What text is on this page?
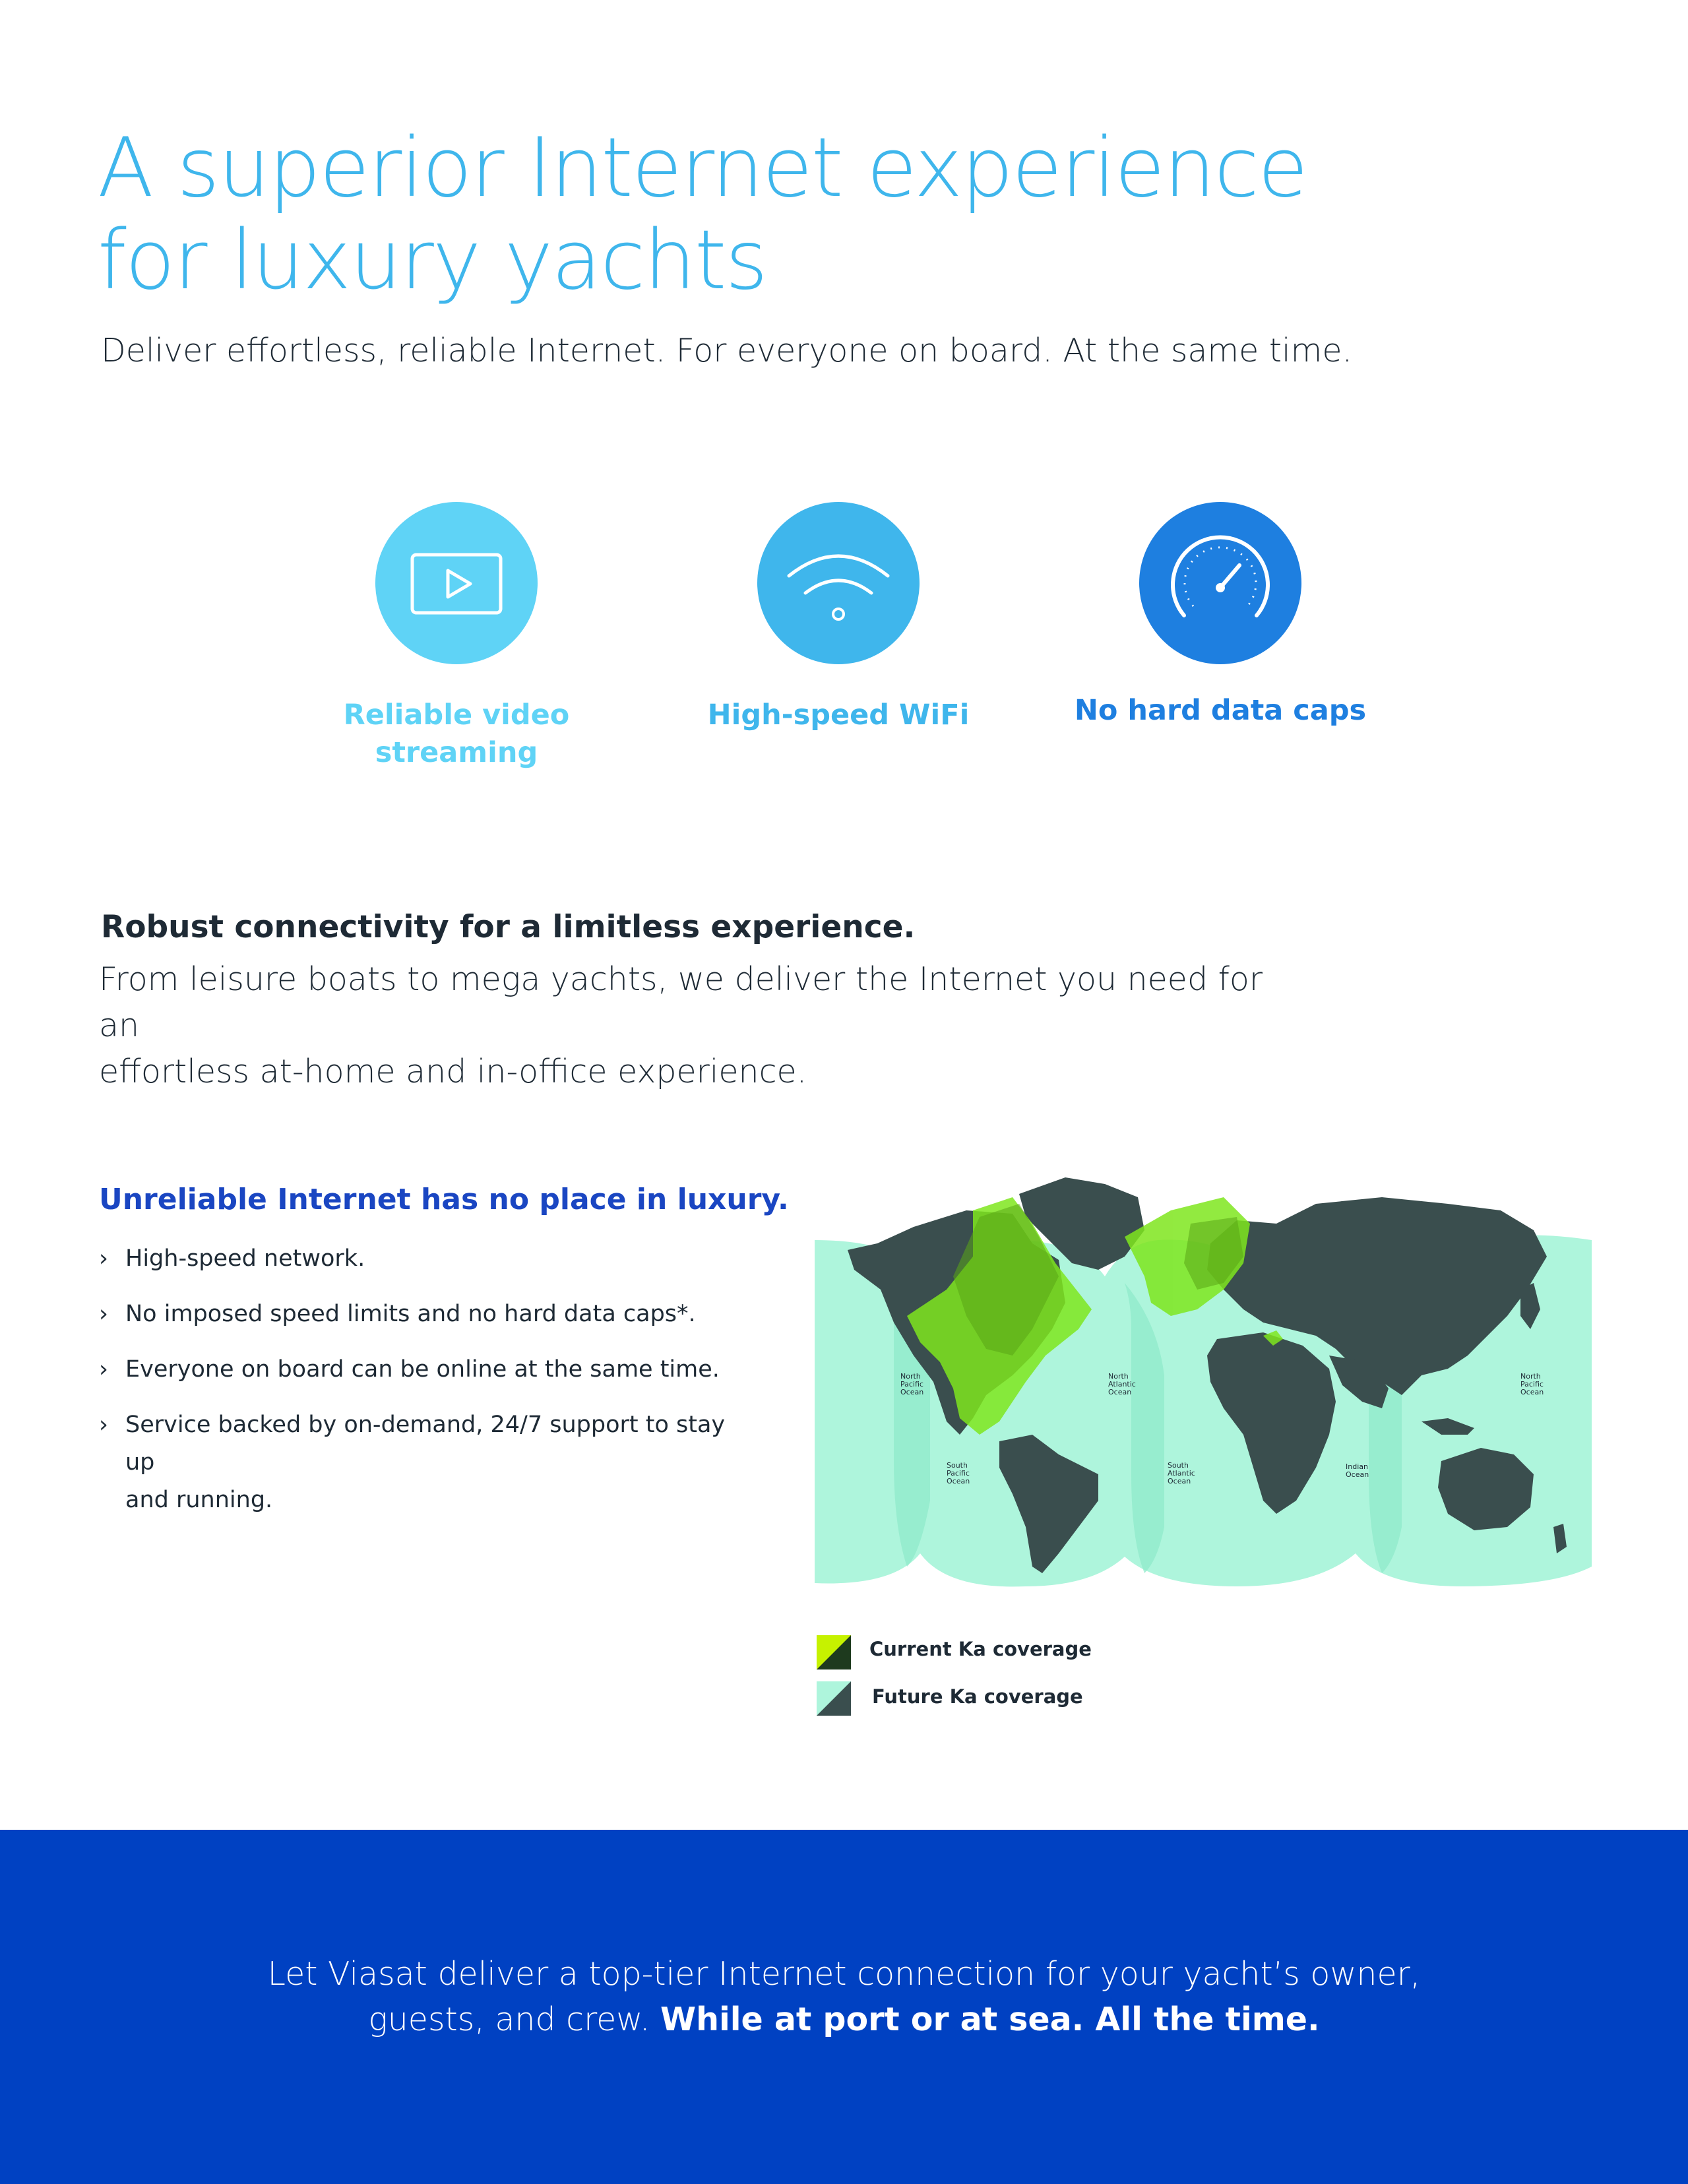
A superior Internet experience
for luxury yachts
Deliver effortless, reliable Internet. For everyone on board. At the same time.
Reliable video
streaming
High-speed WiFi	No hard data caps
Robust connectivity for a limitless experience.
From leisure boats to mega yachts, we deliver the Internet you need for an
effortless at-home and in-office experience.
Unreliable Internet has no place in luxury.
› High-speed network.
› No imposed speed limits and no hard data caps*.
› Everyone on board can be online at the same time.
› Service backed by on-demand, 24/7 support to stay up
and running.
North Pacific Ocean
South Pacific Ocean
North Atlantic Ocean
South Atlantic Ocean
Indian Ocean
North Pacific Ocean
Current Ka coverage
Future Ka coverage
Let Viasat deliver a top-tier Internet connection for your yacht’s owner,
guests, and crew. While at port or at sea. All the time.
